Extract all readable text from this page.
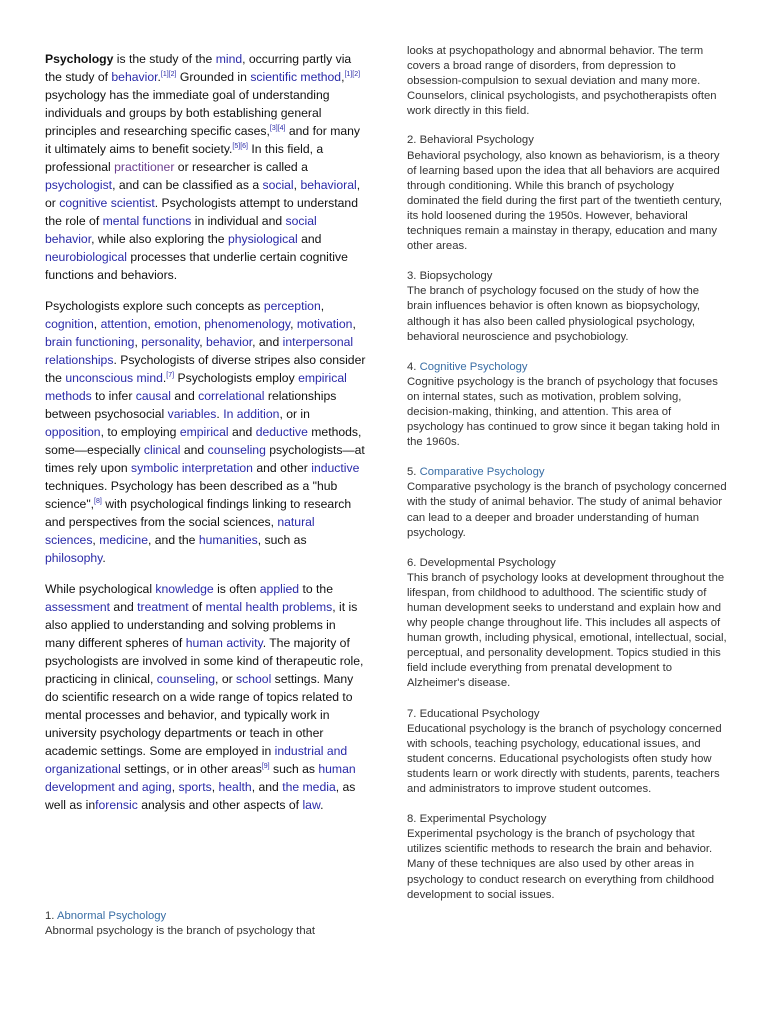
Psychology is the study of the mind, occurring partly via the study of behavior.[1][2] Grounded in scientific method,[1][2] psychology has the immediate goal of understanding individuals and groups by both establishing general principles and researching specific cases,[3][4] and for many it ultimately aims to benefit society.[5][6] In this field, a professional practitioner or researcher is called a psychologist, and can be classified as a social, behavioral, or cognitive scientist. Psychologists attempt to understand the role of mental functions in individual and social behavior, while also exploring the physiological and neurobiological processes that underlie certain cognitive functions and behaviors.

Psychologists explore such concepts as perception, cognition, attention, emotion, phenomenology, motivation, brain functioning, personality, behavior, and interpersonal relationships. Psychologists of diverse stripes also consider the unconscious mind.[7] Psychologists employ empirical methods to infer causal and correlational relationships between psychosocial variables. In addition, or in opposition, to employing empirical and deductive methods, some—especially clinical and counseling psychologists—at times rely upon symbolic interpretation and other inductive techniques. Psychology has been described as a "hub science",[8] with psychological findings linking to research and perspectives from the social sciences, natural sciences, medicine, and the humanities, such as philosophy.

While psychological knowledge is often applied to the assessment and treatment of mental health problems, it is also applied to understanding and solving problems in many different spheres of human activity. The majority of psychologists are involved in some kind of therapeutic role, practicing in clinical, counseling, or school settings. Many do scientific research on a wide range of topics related to mental processes and behavior, and typically work in university psychology departments or teach in other academic settings. Some are employed in industrial and organizational settings, or in other areas[9] such as human development and aging, sports, health, and the media, as well as inforensic analysis and other aspects of law.

1. Abnormal Psychology
Abnormal psychology is the branch of psychology that

looks at psychopathology and abnormal behavior. The term covers a broad range of disorders, from depression to obsession-compulsion to sexual deviation and many more. Counselors, clinical psychologists, and psychotherapists often work directly in this field.

2. Behavioral Psychology
Behavioral psychology, also known as behaviorism, is a theory of learning based upon the idea that all behaviors are acquired through conditioning. While this branch of psychology dominated the field during the first part of the twentieth century, its hold loosened during the 1950s. However, behavioral techniques remain a mainstay in therapy, education and many other areas.

3. Biopsychology
The branch of psychology focused on the study of how the brain influences behavior is often known as biopsychology, although it has also been called physiological psychology, behavioral neuroscience and psychobiology.

4. Cognitive Psychology
Cognitive psychology is the branch of psychology that focuses on internal states, such as motivation, problem solving, decision-making, thinking, and attention. This area of psychology has continued to grow since it began taking hold in the 1960s.

5. Comparative Psychology
Comparative psychology is the branch of psychology concerned with the study of animal behavior. The study of animal behavior can lead to a deeper and broader understanding of human psychology.

6. Developmental Psychology
This branch of psychology looks at development throughout the lifespan, from childhood to adulthood. The scientific study of human development seeks to understand and explain how and why people change throughout life. This includes all aspects of human growth, including physical, emotional, intellectual, social, perceptual, and personality development. Topics studied in this field include everything from prenatal development to Alzheimer's disease.

7. Educational Psychology
Educational psychology is the branch of psychology concerned with schools, teaching psychology, educational issues, and student concerns. Educational psychologists often study how students learn or work directly with students, parents, teachers and administrators to improve student outcomes.

8. Experimental Psychology
Experimental psychology is the branch of psychology that utilizes scientific methods to research the brain and behavior. Many of these techniques are also used by other areas in psychology to conduct research on everything from childhood development to social issues.
